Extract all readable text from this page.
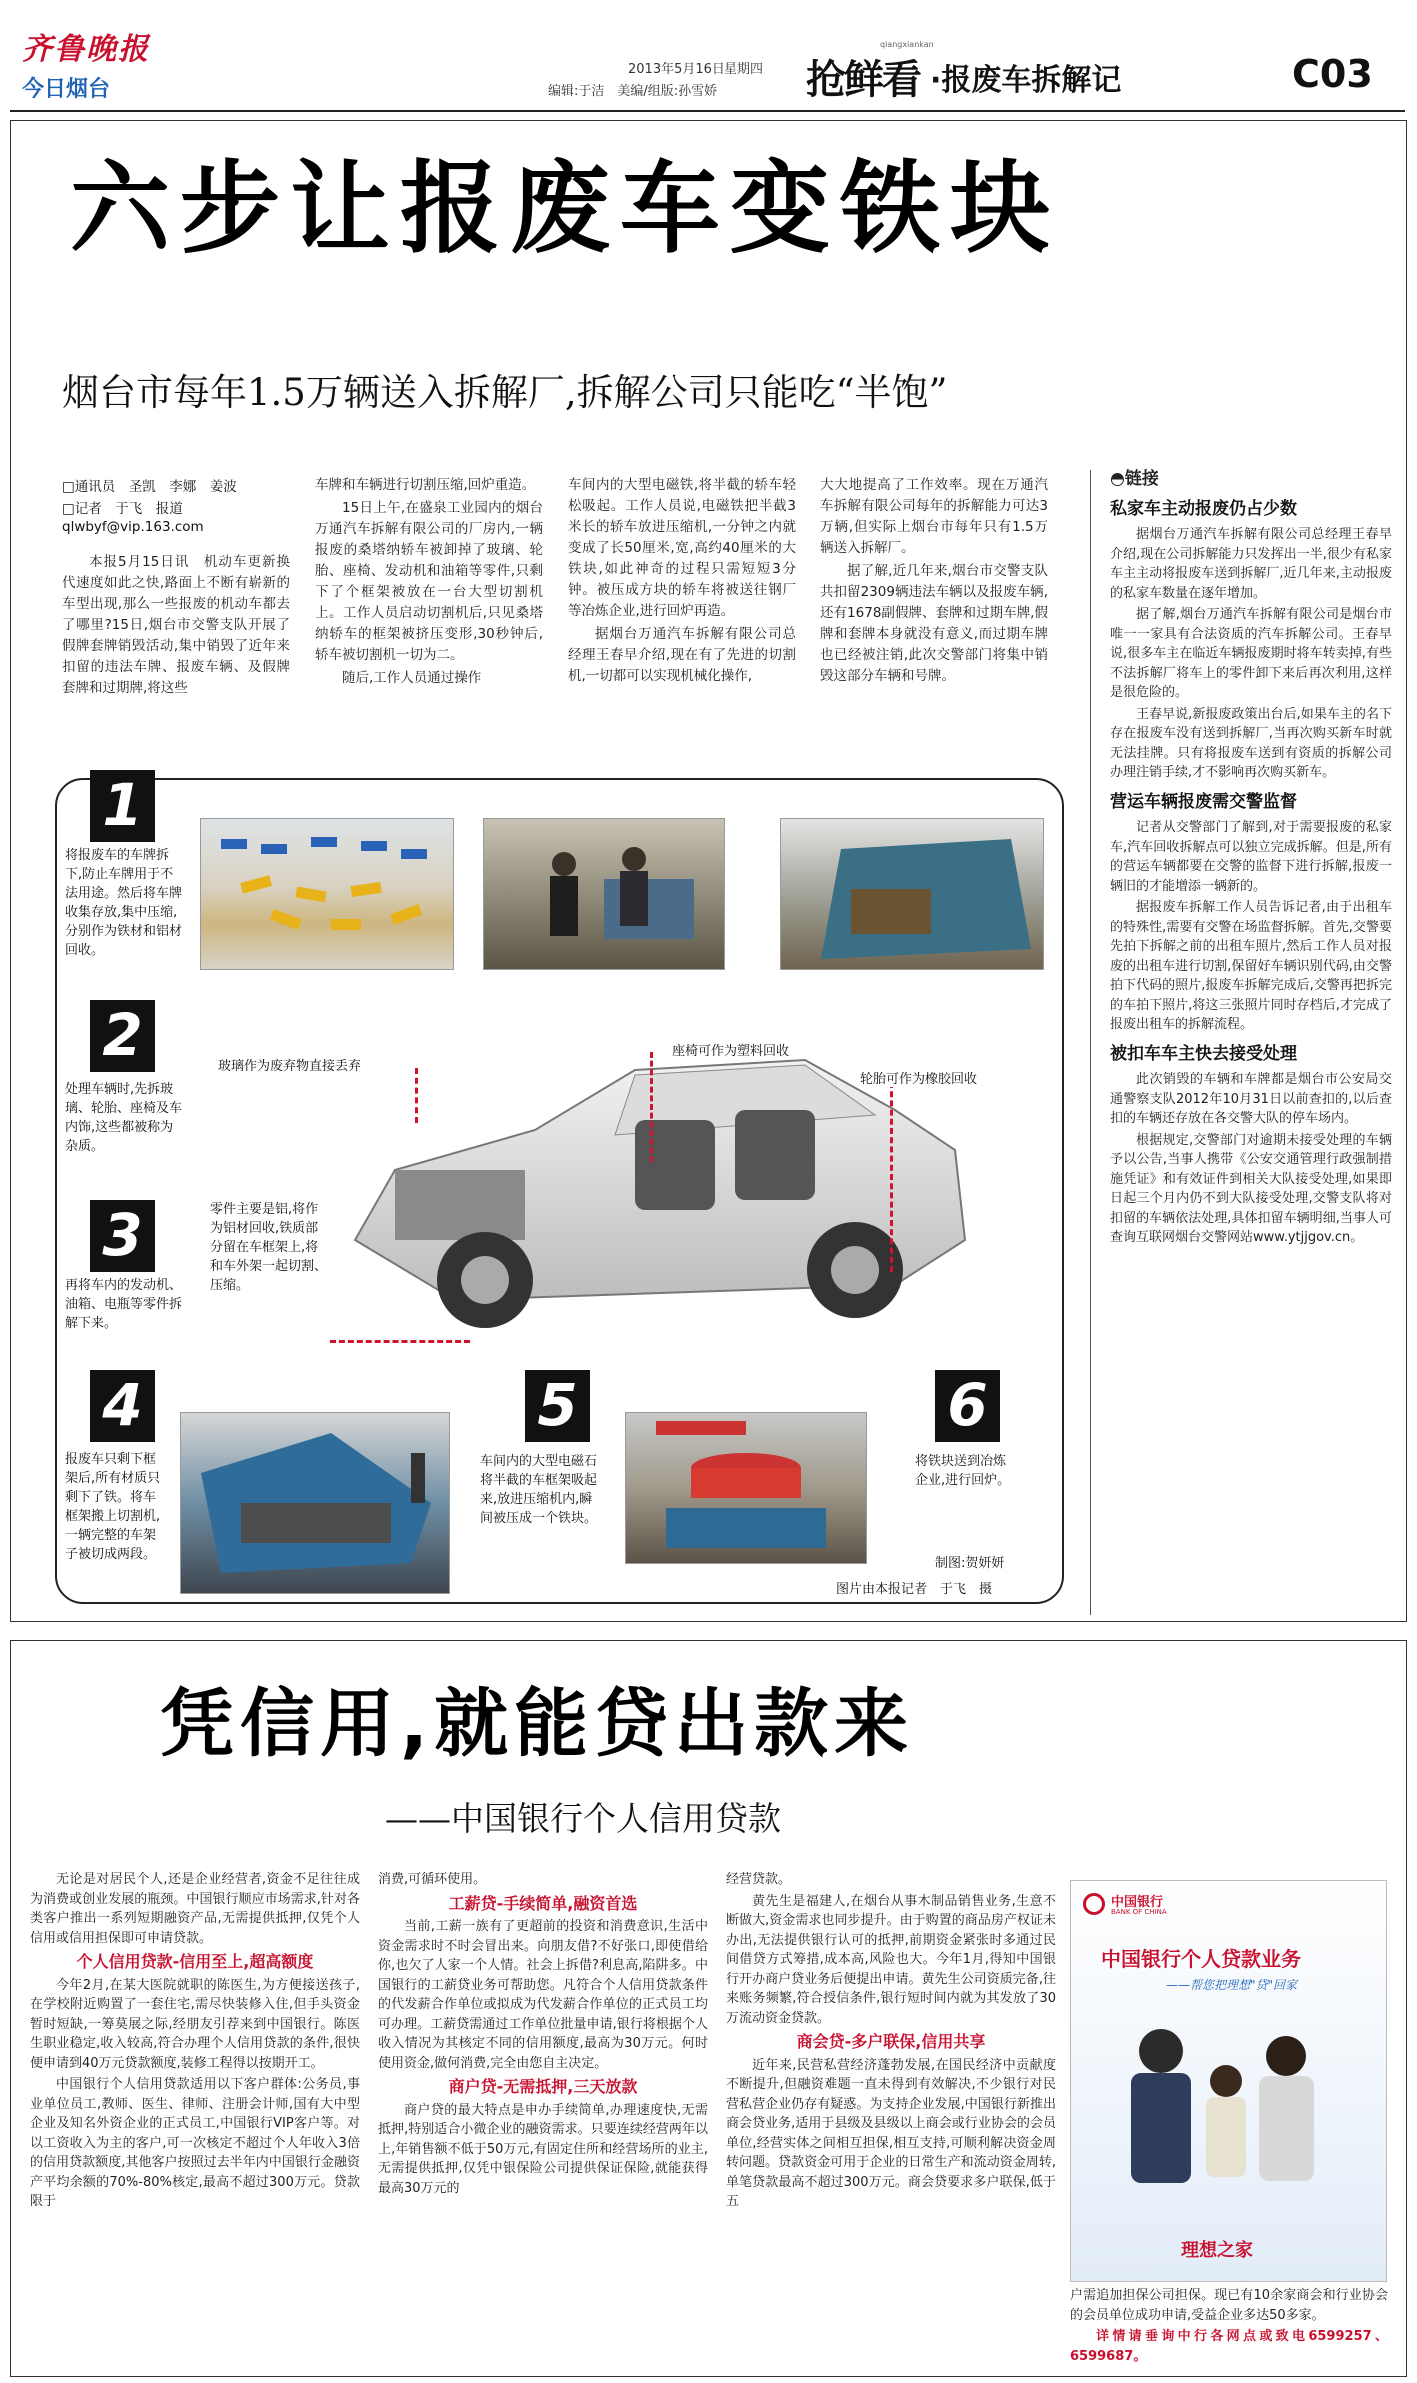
齐鲁晚报
今日烟台
2013年5月16日 星期四
编辑:于洁　美编/组版:孙雪娇 抢鲜看
qiangxiankan
·报废车拆解记	C03
六步让报废车变铁块
烟台市每年1.5万辆送入拆解厂,拆解公司只能吃“半饱”
□通讯员　圣凯　李娜　姜波
□记者　于飞　报道
qlwbyf@vip.163.com

本报5月15日讯　机动车更新换代速度如此之快,路面上不断有崭新的车型出现,那么一些报废的机动车都去了哪里?15日,烟台市交警支队开展了假牌套牌销毁活动,集中销毁了近年来扣留的违法车牌、报废车辆、及假牌套牌和过期牌,将这些

车牌和车辆进行切割压缩,回炉重造。

15日上午,在盛泉工业园内的烟台万通汽车拆解有限公司的厂房内,一辆报废的桑塔纳轿车被卸掉了玻璃、轮胎、座椅、发动机和油箱等零件,只剩下了个框架被放在一台大型切割机上。工作人员启动切割机后,只见桑塔纳轿车的框架被挤压变形,30秒钟后,轿车被切割机一切为二。

随后,工作人员通过操作

车间内的大型电磁铁,将半截的轿车轻松吸起。工作人员说,电磁铁把半截3米长的轿车放进压缩机,一分钟之内就变成了长50厘米,宽,高约40厘米的大铁块,如此神奇的过程只需短短3分钟。被压成方块的轿车将被送往钢厂等冶炼企业,进行回炉再造。

据烟台万通汽车拆解有限公司总经理王春早介绍,现在有了先进的切割机,一切都可以实现机械化操作,

大大地提高了工作效率。现在万通汽车拆解有限公司每年的拆解能力可达3万辆,但实际上烟台市每年只有1.5万辆送入拆解厂。

据了解,近几年来,烟台市交警支队共扣留2309辆违法车辆以及报废车辆,还有1678副假牌、套牌和过期车牌,假牌和套牌本身就没有意义,而过期车牌也已经被注销,此次交警部门将集中销毁这部分车辆和号牌。

◓链接
私家车主动报废仍占少数

据烟台万通汽车拆解有限公司总经理王春早介绍,现在公司拆解能力只发挥出一半,很少有私家车主主动将报废车送到拆解厂,近几年来,主动报废的私家车数量在逐年增加。

据了解,烟台万通汽车拆解有限公司是烟台市唯一一家具有合法资质的汽车拆解公司。王春早说,很多车主在临近车辆报废期时将车转卖掉,有些不法拆解厂将车上的零件卸下来后再次利用,这样是很危险的。

王春早说,新报废政策出台后,如果车主的名下存在报废车没有送到拆解厂,当再次购买新车时就无法挂牌。只有将报废车送到有资质的拆解公司办理注销手续,才不影响再次购买新车。

营运车辆报废需交警监督

记者从交警部门了解到,对于需要报废的私家车,汽车回收拆解点可以独立完成拆解。但是,所有的营运车辆都要在交警的监督下进行拆解,报废一辆旧的才能增添一辆新的。

据报废车拆解工作人员告诉记者,由于出租车的特殊性,需要有交警在场监督拆解。首先,交警要先拍下拆解之前的出租车照片,然后工作人员对报废的出租车进行切割,保留好车辆识别代码,由交警拍下代码的照片,报废车拆解完成后,交警再把拆完的车拍下照片,将这三张照片同时存档后,才完成了报废出租车的拆解流程。

被扣车车主快去接受处理

此次销毁的车辆和车牌都是烟台市公安局交通警察支队2012年10月31日以前查扣的,以后查扣的车辆还存放在各交警大队的停车场内。

根据规定,交警部门对逾期未接受处理的车辆予以公告,当事人携带《公安交通管理行政强制措施凭证》和有效证件到相关大队接受处理,如果即日起三个月内仍不到大队接受处理,交警支队将对扣留的车辆依法处理,具体扣留车辆明细,当事人可查询互联网烟台交警网站www.ytjjgov.cn。

1
将报废车的车牌拆下,防止车牌用于不法用途。然后将车牌收集存放,集中压缩,分别作为铁材和铝材回收。
2
处理车辆时,先拆玻璃、轮胎、座椅及车内饰,这些都被称为杂质。
3
再将车内的发动机、油箱、电瓶等零件拆解下来。
玻璃作为废弃物直接丢弃
座椅可作为塑料回收
轮胎可作为橡胶回收
零件主要是铝,将作为铝材回收,铁质部分留在车框架上,将和车外架一起切割、压缩。
4
报废车只剩下框架后,所有材质只剩下了铁。将车框架搬上切割机,一辆完整的车架子被切成两段。
5
车间内的大型电磁石将半截的车框架吸起来,放进压缩机内,瞬间被压成一个铁块。
6
将铁块送到冶炼企业,进行回炉。
制图:贺妍妍
图片由本报记者　于飞　摄
凭信用,就能贷出款来
——中国银行个人信用贷款

无论是对居民个人,还是企业经营者,资金不足往往成为消费或创业发展的瓶颈。中国银行顺应市场需求,针对各类客户推出一系列短期融资产品,无需提供抵押,仅凭个人信用或信用担保即可申请贷款。

个人信用贷款-信用至上,超高额度

今年2月,在某大医院就职的陈医生,为方便接送孩子,在学校附近购置了一套住宅,需尽快装修入住,但手头资金暂时短缺,一筹莫展之际,经朋友引荐来到中国银行。陈医生职业稳定,收入较高,符合办理个人信用贷款的条件,很快便申请到40万元贷款额度,装修工程得以按期开工。

中国银行个人信用贷款适用以下客户群体:公务员,事业单位员工,教师、医生、律师、注册会计师,国有大中型企业及知名外资企业的正式员工,中国银行VIP客户等。对以工资收入为主的客户,可一次核定不超过个人年收入3倍的信用贷款额度,其他客户按照过去半年内中国银行金融资产平均余额的70%-80%核定,最高不超过300万元。贷款限于

消费,可循环使用。

工薪贷-手续简单,融资首选

当前,工薪一族有了更超前的投资和消费意识,生活中资金需求时不时会冒出来。向朋友借?不好张口,即使借给你,也欠了人家一个人情。社会上拆借?利息高,陷阱多。中国银行的工薪贷业务可帮助您。凡符合个人信用贷款条件的代发薪合作单位或拟成为代发薪合作单位的正式员工均可办理。工薪贷需通过工作单位批量申请,银行将根据个人收入情况为其核定不同的信用额度,最高为30万元。何时使用资金,做何消费,完全由您自主决定。

商户贷-无需抵押,三天放款

商户贷的最大特点是申办手续简单,办理速度快,无需抵押,特别适合小微企业的融资需求。只要连续经营两年以上,年销售额不低于50万元,有固定住所和经营场所的业主,无需提供抵押,仅凭中银保险公司提供保证保险,就能获得最高30万元的

经营贷款。

黄先生是福建人,在烟台从事木制品销售业务,生意不断做大,资金需求也同步提升。由于购置的商品房产权证未办出,无法提供银行认可的抵押,前期资金紧张时多通过民间借贷方式筹措,成本高,风险也大。今年1月,得知中国银行开办商户贷业务后便提出申请。黄先生公司资质完备,往来账务频繁,符合授信条件,银行短时间内就为其发放了30万流动资金贷款。

商会贷-多户联保,信用共享

近年来,民营私营经济蓬勃发展,在国民经济中贡献度不断提升,但融资难题一直未得到有效解决,不少银行对民营私营企业仍存有疑惑。为支持企业发展,中国银行新推出商会贷业务,适用于县级及县级以上商会或行业协会的会员单位,经营实体之间相互担保,相互支持,可顺利解决资金周转问题。贷款资金可用于企业的日常生产和流动资金周转,单笔贷款最高不超过300万元。商会贷要求多户联保,低于五

中国银行
BANK OF CHINA
中国银行个人贷款业务
——帮您把理想"贷"回家
理想之家

户需追加担保公司担保。现已有10余家商会和行业协会的会员单位成功申请,受益企业多达50多家。

详情请垂询中行各网点或致电6599257、6599687。
